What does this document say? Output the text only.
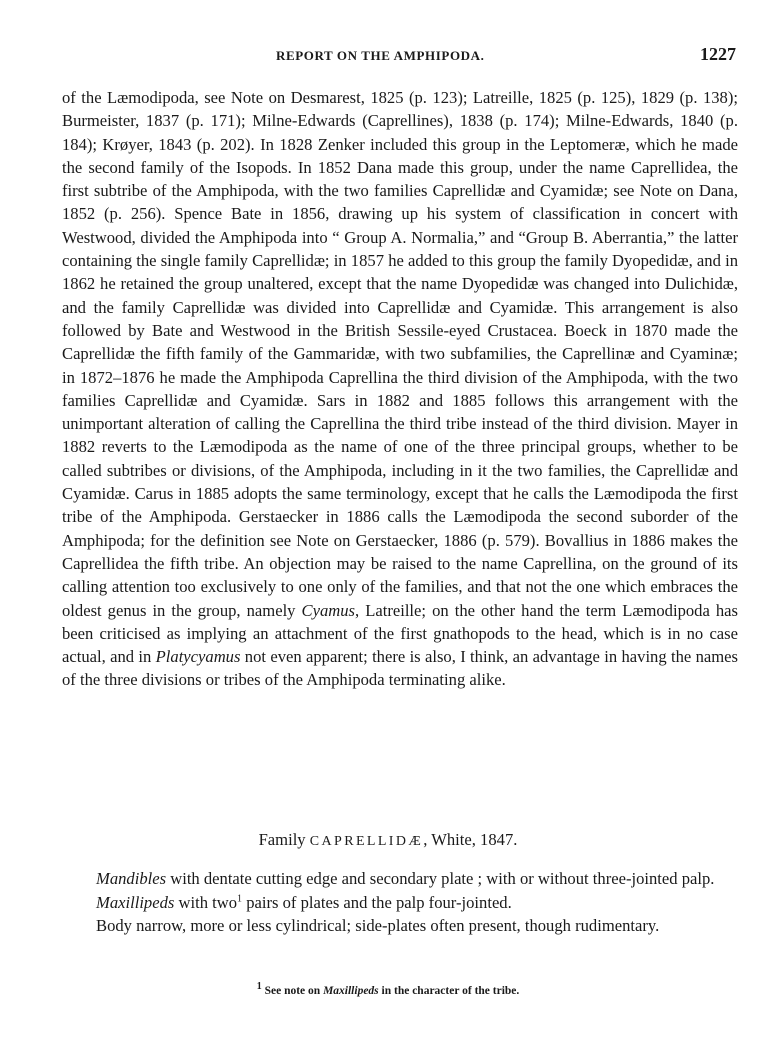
REPORT ON THE AMPHIPODA.	1227

of the Læmodipoda, see Note on Desmarest, 1825 (p. 123); Latreille, 1825 (p. 125), 1829 (p. 138); Burmeister, 1837 (p. 171); Milne-Edwards (Caprellines), 1838 (p. 174); Milne-Edwards, 1840 (p. 184); Krøyer, 1843 (p. 202). In 1828 Zenker included this group in the Leptomeræ, which he made the second family of the Isopods. In 1852 Dana made this group, under the name Caprellidea, the first subtribe of the Amphipoda, with the two families Caprellidæ and Cyamidæ; see Note on Dana, 1852 (p. 256). Spence Bate in 1856, drawing up his system of classification in concert with Westwood, divided the Amphipoda into “ Group A. Normalia,” and “Group B. Aberrantia,” the latter containing the single family Caprellidæ; in 1857 he added to this group the family Dyopedidæ, and in 1862 he retained the group unaltered, except that the name Dyopedidæ was changed into Dulichidæ, and the family Caprellidæ was divided into Caprellidæ and Cyamidæ. This arrangement is also followed by Bate and Westwood in the British Sessile-eyed Crustacea. Boeck in 1870 made the Caprellidæ the fifth family of the Gammaridæ, with two subfamilies, the Caprellinæ and Cyaminæ; in 1872–1876 he made the Amphipoda Caprellina the third division of the Amphipoda, with the two families Caprellidæ and Cyamidæ. Sars in 1882 and 1885 follows this arrangement with the unimportant alteration of calling the Caprellina the third tribe instead of the third division. Mayer in 1882 reverts to the Læmodipoda as the name of one of the three principal groups, whether to be called subtribes or divisions, of the Amphipoda, including in it the two families, the Caprellidæ and Cyamidæ. Carus in 1885 adopts the same terminology, except that he calls the Læmodipoda the first tribe of the Amphipoda. Gerstaecker in 1886 calls the Læmodipoda the second suborder of the Amphipoda; for the definition see Note on Gerstaecker, 1886 (p. 579). Bovallius in 1886 makes the Caprellidea the fifth tribe. An objection may be raised to the name Caprellina, on the ground of its calling attention too exclusively to one only of the families, and that not the one which embraces the oldest genus in the group, namely Cyamus, Latreille; on the other hand the term Læmodipoda has been criticised as implying an attachment of the first gnathopods to the head, which is in no case actual, and in Platycyamus not even apparent; there is also, I think, an advantage in having the names of the three divisions or tribes of the Amphipoda terminating alike.

Family CAPRELLIDÆ, White, 1847.

Mandibles with dentate cutting edge and secondary plate ; with or without three-jointed palp.

Maxillipeds with two$^1$ pairs of plates and the palp four-jointed.

Body narrow, more or less cylindrical; side-plates often present, though rudimentary.

$^1$ See note on Maxillipeds in the character of the tribe.
